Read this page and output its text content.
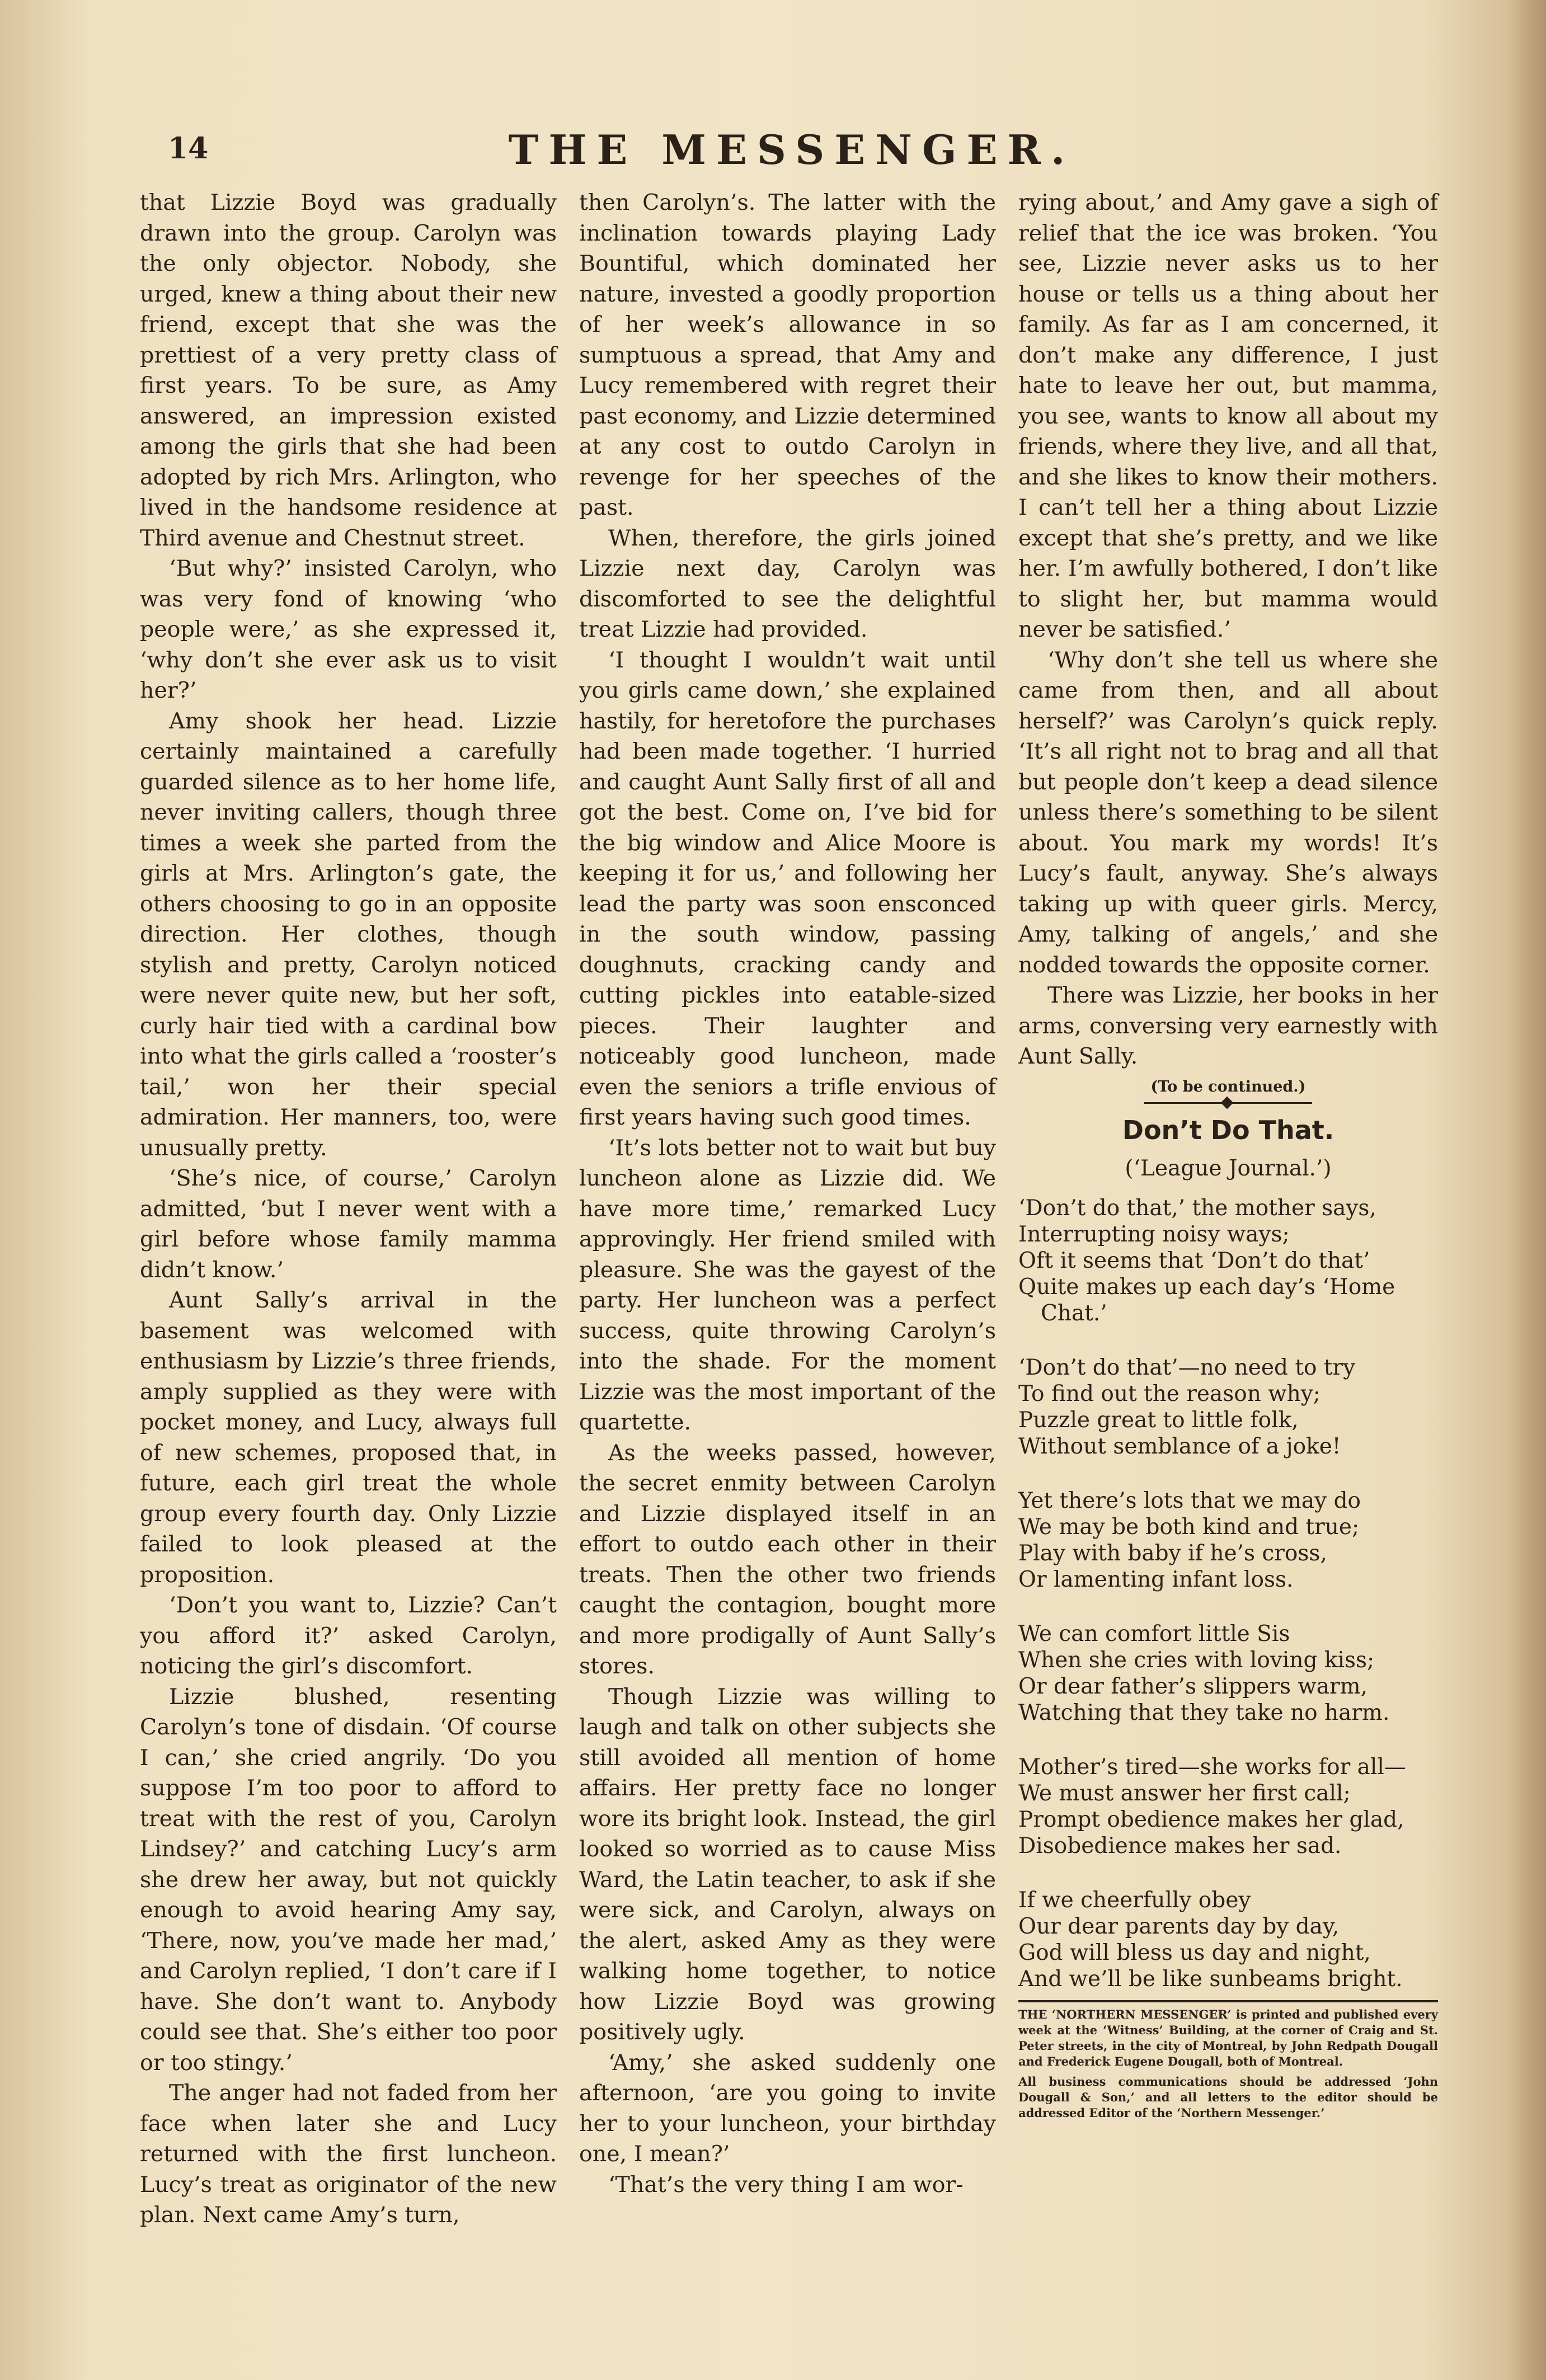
14	THE MESSENGER.

that Lizzie Boyd was gradually drawn into the group. Carolyn was the only objector. Nobody, she urged, knew a thing about their new friend, except that she was the prettiest of a very pretty class of first years. To be sure, as Amy answered, an impression existed among the girls that she had been adopted by rich Mrs. Arlington, who lived in the handsome residence at Third avenue and Chestnut street.

‘But why?’ insisted Carolyn, who was very fond of knowing ‘who people were,’ as she expressed it, ‘why don’t she ever ask us to visit her?’

Amy shook her head. Lizzie certainly maintained a carefully guarded silence as to her home life, never inviting callers, though three times a week she parted from the girls at Mrs. Arlington’s gate, the others choosing to go in an opposite direction. Her clothes, though stylish and pretty, Carolyn noticed were never quite new, but her soft, curly hair tied with a cardinal bow into what the girls called a ‘rooster’s tail,’ won her their special admiration. Her manners, too, were unusually pretty.

‘She’s nice, of course,’ Carolyn admitted, ‘but I never went with a girl before whose family mamma didn’t know.’

Aunt Sally’s arrival in the basement was welcomed with enthusiasm by Lizzie’s three friends, amply supplied as they were with pocket money, and Lucy, always full of new schemes, proposed that, in future, each girl treat the whole group every fourth day. Only Lizzie failed to look pleased at the proposition.

‘Don’t you want to, Lizzie? Can’t you afford it?’ asked Carolyn, noticing the girl’s discomfort.

Lizzie blushed, resenting Carolyn’s tone of disdain. ‘Of course I can,’ she cried angrily. ‘Do you suppose I’m too poor to afford to treat with the rest of you, Carolyn Lindsey?’ and catching Lucy’s arm she drew her away, but not quickly enough to avoid hearing Amy say, ‘There, now, you’ve made her mad,’ and Carolyn replied, ‘I don’t care if I have. She don’t want to. Anybody could see that. She’s either too poor or too stingy.’

The anger had not faded from her face when later she and Lucy returned with the first luncheon. Lucy’s treat as originator of the new plan. Next came Amy’s turn,

then Carolyn’s. The latter with the inclination towards playing Lady Bountiful, which dominated her nature, invested a goodly proportion of her week’s allowance in so sumptuous a spread, that Amy and Lucy remembered with regret their past economy, and Lizzie determined at any cost to outdo Carolyn in revenge for her speeches of the past.

When, therefore, the girls joined Lizzie next day, Carolyn was discomforted to see the delightful treat Lizzie had provided.

‘I thought I wouldn’t wait until you girls came down,’ she explained hastily, for heretofore the purchases had been made together. ‘I hurried and caught Aunt Sally first of all and got the best. Come on, I’ve bid for the big window and Alice Moore is keeping it for us,’ and following her lead the party was soon ensconced in the south window, passing doughnuts, cracking candy and cutting pickles into eatable-sized pieces. Their laughter and noticeably good luncheon, made even the seniors a trifle envious of first years having such good times.

‘It’s lots better not to wait but buy luncheon alone as Lizzie did. We have more time,’ remarked Lucy approvingly. Her friend smiled with pleasure. She was the gayest of the party. Her luncheon was a perfect success, quite throwing Carolyn’s into the shade. For the moment Lizzie was the most important of the quartette.

As the weeks passed, however, the secret enmity between Carolyn and Lizzie displayed itself in an effort to outdo each other in their treats. Then the other two friends caught the contagion, bought more and more prodigally of Aunt Sally’s stores.

Though Lizzie was willing to laugh and talk on other subjects she still avoided all mention of home affairs. Her pretty face no longer wore its bright look. Instead, the girl looked so worried as to cause Miss Ward, the Latin teacher, to ask if she were sick, and Carolyn, always on the alert, asked Amy as they were walking home together, to notice how Lizzie Boyd was growing positively ugly.

‘Amy,’ she asked suddenly one afternoon, ‘are you going to invite her to your luncheon, your birthday one, I mean?’

‘That’s the very thing I am wor-

rying about,’ and Amy gave a sigh of relief that the ice was broken. ‘You see, Lizzie never asks us to her house or tells us a thing about her family. As far as I am concerned, it don’t make any difference, I just hate to leave her out, but mamma, you see, wants to know all about my friends, where they live, and all that, and she likes to know their mothers. I can’t tell her a thing about Lizzie except that she’s pretty, and we like her. I’m awfully bothered, I don’t like to slight her, but mamma would never be satisfied.’

‘Why don’t she tell us where she came from then, and all about herself?’ was Carolyn’s quick reply. ‘It’s all right not to brag and all that but people don’t keep a dead silence unless there’s something to be silent about. You mark my words! It’s Lucy’s fault, anyway. She’s always taking up with queer girls. Mercy, Amy, talking of angels,’ and she nodded towards the opposite corner.

There was Lizzie, her books in her arms, conversing very earnestly with Aunt Sally.

(To be continued.)

Don’t Do That.
(‘League Journal.’)
‘Don’t do that,’ the mother says,
Interrupting noisy ways;
Oft it seems that ‘Don’t do that’
Quite makes up each day’s ‘Home
Chat.’
‘Don’t do that’—no need to try
To find out the reason why;
Puzzle great to little folk,
Without semblance of a joke!
Yet there’s lots that we may do
We may be both kind and true;
Play with baby if he’s cross,
Or lamenting infant loss.
We can comfort little Sis
When she cries with loving kiss;
Or dear father’s slippers warm,
Watching that they take no harm.
Mother’s tired—she works for all—
We must answer her first call;
Prompt obedience makes her glad,
Disobedience makes her sad.
If we cheerfully obey
Our dear parents day by day,
God will bless us day and night,
And we’ll be like sunbeams bright.

THE ‘NORTHERN MESSENGER’ is printed and published every week at the ‘Witness’ Building, at the corner of Craig and St. Peter streets, in the city of Montreal, by John Redpath Dougall and Frederick Eugene Dougall, both of Montreal.

All business communications should be addressed ‘John Dougall & Son,’ and all letters to the editor should be addressed Editor of the ‘Northern Messenger.’
